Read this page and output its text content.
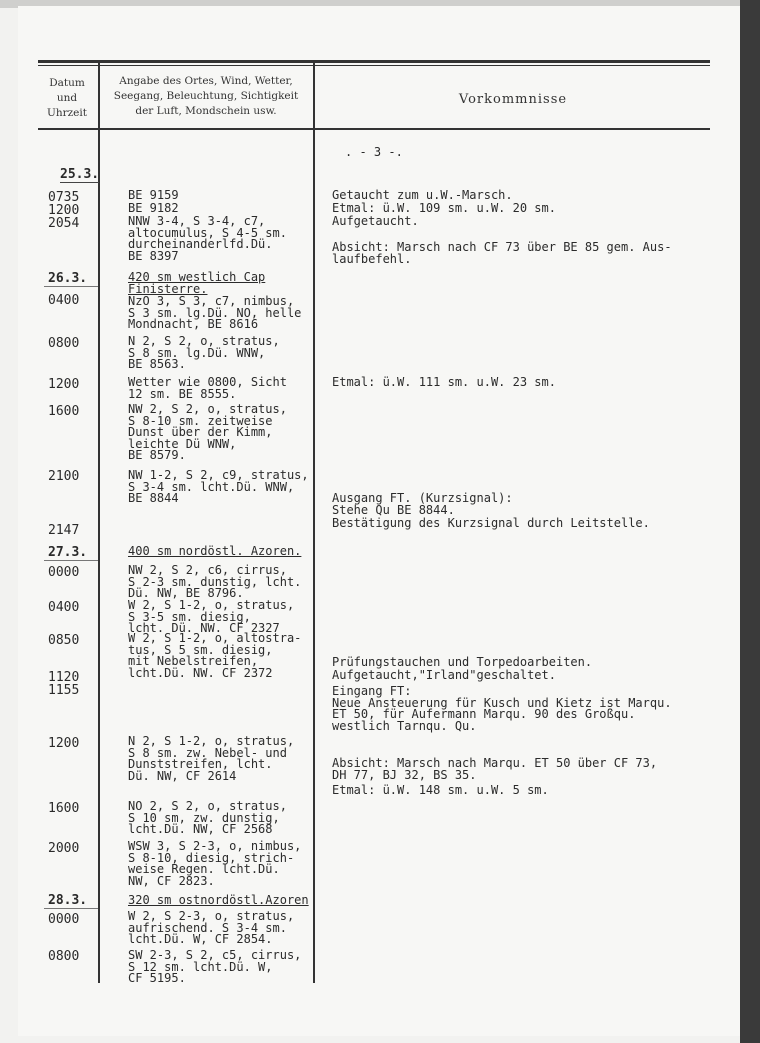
Datum
und
Uhrzeit
Angabe des Ortes, Wind, Wetter,
Seegang, Beleuchtung, Sichtigkeit
der Luft, Mondschein usw.
Vorkommnisse
. - 3 -.
25.3.
26.3.
27.3.
28.3.
0735
1200
2054
0400
0800
1200
1600
2100
2147
0000
0400
0850
1120
1155
1200
1600
2000
0000
0800
BE 9159
BE 9182
NNW 3-4, S 3-4, c7,
altocumulus, S 4-5 sm.
durcheinanderlfd.Dü.
BE 8397
420 sm westlich Cap
Finisterre.
NzO 3, S 3, c7, nimbus,
S 3 sm. lg.Dü. NO, helle
Mondnacht, BE 8616
N 2, S 2, o, stratus,
S 8 sm. lg.Dü. WNW,
BE 8563.
Wetter wie 0800, Sicht
12 sm. BE 8555.
NW 2, S 2, o, stratus,
S 8-10 sm. zeitweise
Dunst über der Kimm,
leichte Dü WNW,
BE 8579.
NW 1-2, S 2, c9, stratus,
S 3-4 sm. lcht.Dü. WNW,
BE 8844
400 sm nordöstl. Azoren.
NW 2, S 2, c6, cirrus,
S 2-3 sm. dunstig, lcht.
Dü. NW, BE 8796.
W 2, S 1-2, o, stratus,
S 3-5 sm. diesig,
lcht. Dü. NW. CF 2327
W 2, S 1-2, o, altostra-
tus, S 5 sm. diesig,
mit Nebelstreifen,
lcht.Dü. NW. CF 2372
N 2, S 1-2, o, stratus,
S 8 sm. zw. Nebel- und
Dunststreifen, lcht.
Dü. NW, CF 2614
NO 2, S 2, o, stratus,
S 10 sm, zw. dunstig,
lcht.Dü. NW, CF 2568
WSW 3, S 2-3, o, nimbus,
S 8-10, diesig, strich-
weise Regen. lcht.Dü.
NW, CF 2823.
320 sm ostnordöstl.Azoren
W 2, S 2-3, o, stratus,
aufrischend. S 3-4 sm.
lcht.Dü. W, CF 2854.
SW 2-3, S 2, c5, cirrus,
S 12 sm. lcht.Dü. W,
CF 5195.
Getaucht zum u.W.-Marsch.
Etmal: ü.W. 109 sm. u.W. 20 sm.
Aufgetaucht.
Absicht: Marsch nach CF 73 über BE 85 gem. Aus-
laufbefehl.
Etmal: ü.W. 111 sm. u.W. 23 sm.
Ausgang FT. (Kurzsignal):
Stehe Qu BE 8844.
Bestätigung des Kurzsignal durch Leitstelle.
Prüfungstauchen und Torpedoarbeiten.
Aufgetaucht,"Irland"geschaltet.
Eingang FT:
Neue Ansteuerung für Kusch und Kietz ist Marqu.
ET 50, für Aufermann Marqu. 90 des Großqu.
westlich Tarnqu. Qu.
Absicht: Marsch nach Marqu. ET 50 über CF 73,
DH 77, BJ 32, BS 35.
Etmal: ü.W. 148 sm. u.W. 5 sm.
